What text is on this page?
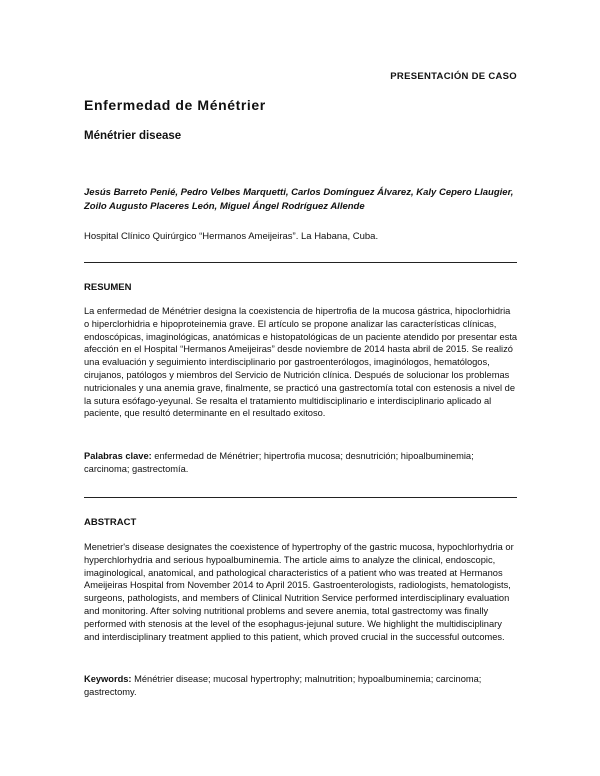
PRESENTACIÓN DE CASO
Enfermedad de Ménétrier
Ménétrier disease
Jesús Barreto Penié, Pedro Velbes Marquetti, Carlos Domínguez Álvarez, Kaly Cepero Llaugier, Zoilo Augusto Placeres León, Miguel Ángel Rodríguez Allende
Hospital Clínico Quirúrgico “Hermanos Ameijeiras”. La Habana, Cuba.
RESUMEN

La enfermedad de Ménétrier designa la coexistencia de hipertrofia de la mucosa gástrica, hipoclorhidria o hiperclorhidria e hipoproteinemia grave. El artículo se propone analizar las características clínicas, endoscópicas, imaginológicas, anatómicas e histopatológicas de un paciente atendido por presentar esta afección en el Hospital “Hermanos Ameijeiras” desde noviembre de 2014 hasta abril de 2015. Se realizó una evaluación y seguimiento interdisciplinario por gastroenterólogos, imaginólogos, hematólogos, cirujanos, patólogos y miembros del Servicio de Nutrición clínica. Después de solucionar los problemas nutricionales y una anemia grave, finalmente, se practicó una gastrectomía total con estenosis a nivel de la sutura esófago-yeyunal. Se resalta el tratamiento multidisciplinario e interdisciplinario aplicado al paciente, que resultó determinante en el resultado exitoso.

Palabras clave: enfermedad de Ménétrier; hipertrofia mucosa; desnutrición; hipoalbuminemia; carcinoma; gastrectomía.

ABSTRACT

Menetrier's disease designates the coexistence of hypertrophy of the gastric mucosa, hypochlorhydria or hyperchlorhydria and serious hypoalbuminemia. The article aims to analyze the clinical, endoscopic, imaginological, anatomical, and pathological characteristics of a patient who was treated at Hermanos Ameijeiras Hospital from November 2014 to April 2015. Gastroenterologists, radiologists, hematologists, surgeons, pathologists, and members of Clinical Nutrition Service performed interdisciplinary evaluation and monitoring. After solving nutritional problems and severe anemia, total gastrectomy was finally performed with stenosis at the level of the esophagus-jejunal suture. We highlight the multidisciplinary and interdisciplinary treatment applied to this patient, which proved crucial in the successful outcomes.

Keywords: Ménétrier disease; mucosal hypertrophy; malnutrition; hypoalbuminemia; carcinoma; gastrectomy.
